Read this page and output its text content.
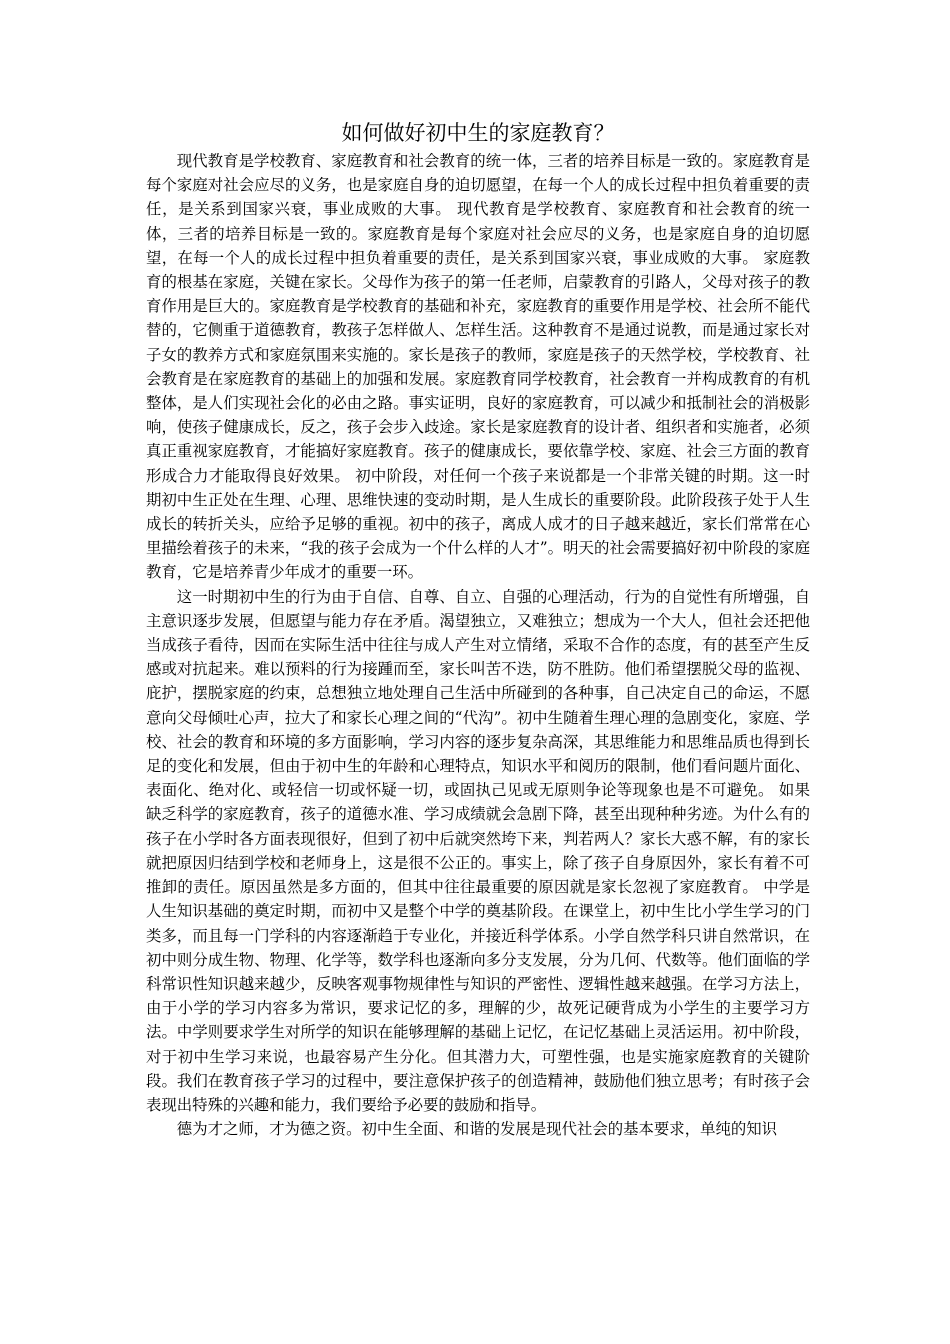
如何做好初中生的家庭教育？

现代教育是学校教育、家庭教育和社会教育的统一体，三者的培养目标是一致的。家庭教育是每个家庭对社会应尽的义务，也是家庭自身的迫切愿望，在每一个人的成长过程中担负着重要的责任，是关系到国家兴衰，事业成败的大事。 现代教育是学校教育、家庭教育和社会教育的统一体，三者的培养目标是一致的。家庭教育是每个家庭对社会应尽的义务，也是家庭自身的迫切愿望，在每一个人的成长过程中担负着重要的责任，是关系到国家兴衰，事业成败的大事。 家庭教育的根基在家庭，关键在家长。父母作为孩子的第一任老师，启蒙教育的引路人，父母对孩子的教育作用是巨大的。家庭教育是学校教育的基础和补充，家庭教育的重要作用是学校、社会所不能代替的，它侧重于道德教育，教孩子怎样做人、怎样生活。这种教育不是通过说教，而是通过家长对子女的教养方式和家庭氛围来实施的。家长是孩子的教师，家庭是孩子的天然学校，学校教育、社会教育是在家庭教育的基础上的加强和发展。家庭教育同学校教育，社会教育一并构成教育的有机整体，是人们实现社会化的必由之路。事实证明，良好的家庭教育，可以减少和抵制社会的消极影响，使孩子健康成长，反之，孩子会步入歧途。家长是家庭教育的设计者、组织者和实施者，必须真正重视家庭教育，才能搞好家庭教育。孩子的健康成长，要依靠学校、家庭、社会三方面的教育形成合力才能取得良好效果。 初中阶段，对任何一个孩子来说都是一个非常关键的时期。这一时期初中生正处在生理、心理、思维快速的变动时期，是人生成长的重要阶段。此阶段孩子处于人生成长的转折关头，应给予足够的重视。初中的孩子，离成人成才的日子越来越近，家长们常常在心里描绘着孩子的未来，“我的孩子会成为一个什么样的人才”。明天的社会需要搞好初中阶段的家庭教育，它是培养青少年成才的重要一环。

这一时期初中生的行为由于自信、自尊、自立、自强的心理活动，行为的自觉性有所增强，自主意识逐步发展，但愿望与能力存在矛盾。渴望独立，又难独立；想成为一个大人，但社会还把他当成孩子看待，因而在实际生活中往往与成人产生对立情绪，采取不合作的态度，有的甚至产生反感或对抗起来。难以预料的行为接踵而至，家长叫苦不迭，防不胜防。他们希望摆脱父母的监视、庇护，摆脱家庭的约束，总想独立地处理自己生活中所碰到的各种事，自己决定自己的命运，不愿意向父母倾吐心声，拉大了和家长心理之间的“代沟”。初中生随着生理心理的急剧变化，家庭、学校、社会的教育和环境的多方面影响，学习内容的逐步复杂高深，其思维能力和思维品质也得到长足的变化和发展，但由于初中生的年龄和心理特点，知识水平和阅历的限制，他们看问题片面化、表面化、绝对化、或轻信一切或怀疑一切，或固执己见或无原则争论等现象也是不可避免。 如果缺乏科学的家庭教育，孩子的道德水准、学习成绩就会急剧下降，甚至出现种种劣迹。为什么有的孩子在小学时各方面表现很好，但到了初中后就突然垮下来，判若两人？家长大惑不解，有的家长就把原因归结到学校和老师身上，这是很不公正的。事实上，除了孩子自身原因外，家长有着不可推卸的责任。原因虽然是多方面的，但其中往往最重要的原因就是家长忽视了家庭教育。 中学是人生知识基础的奠定时期，而初中又是整个中学的奠基阶段。在课堂上，初中生比小学生学习的门类多，而且每一门学科的内容逐渐趋于专业化，并接近科学体系。小学自然学科只讲自然常识，在初中则分成生物、物理、化学等，数学科也逐渐向多分支发展，分为几何、代数等。他们面临的学科常识性知识越来越少，反映客观事物规律性与知识的严密性、逻辑性越来越强。在学习方法上，由于小学的学习内容多为常识，要求记忆的多，理解的少，故死记硬背成为小学生的主要学习方法。中学则要求学生对所学的知识在能够理解的基础上记忆，在记忆基础上灵活运用。初中阶段，对于初中生学习来说，也最容易产生分化。但其潜力大，可塑性强，也是实施家庭教育的关键阶段。我们在教育孩子学习的过程中，要注意保护孩子的创造精神，鼓励他们独立思考；有时孩子会表现出特殊的兴趣和能力，我们要给予必要的鼓励和指导。

德为才之师，才为德之资。初中生全面、和谐的发展是现代社会的基本要求，单纯的知识
